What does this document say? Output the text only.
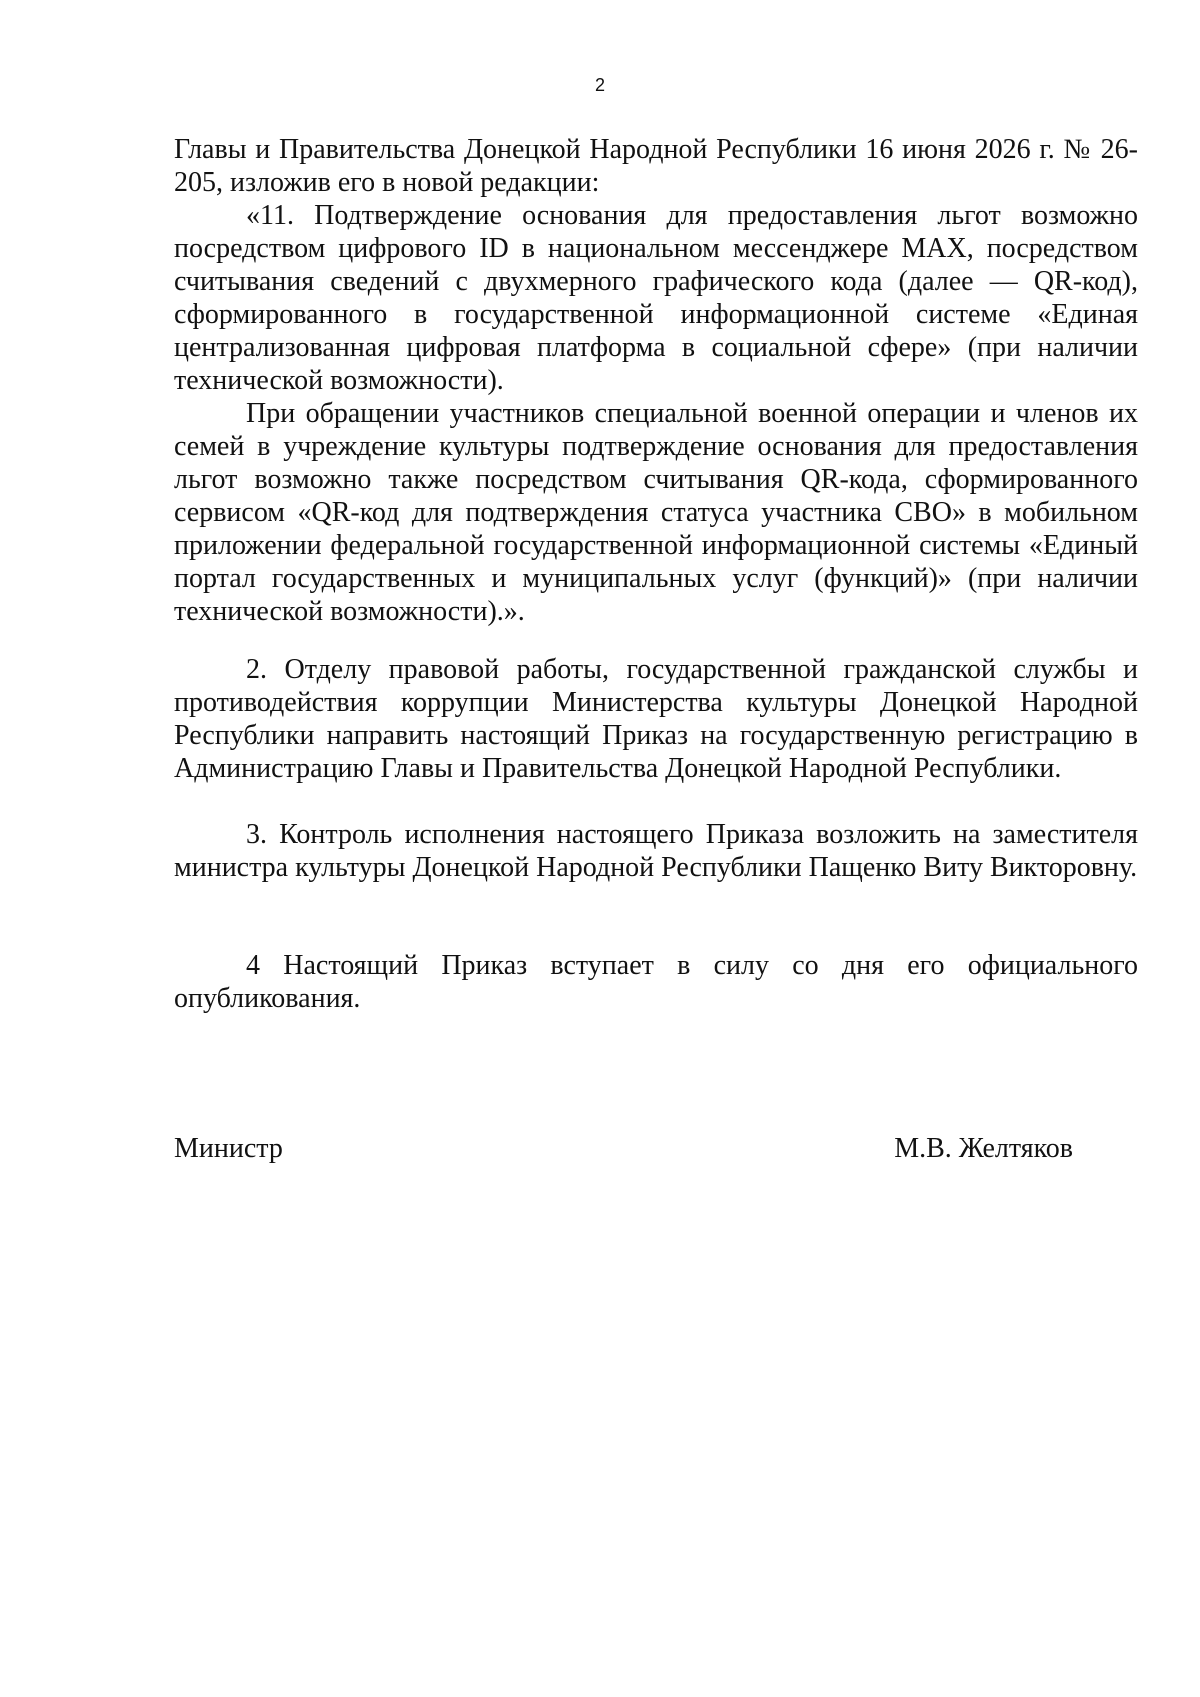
2

Главы и Правительства Донецкой Народной Республики 16 июня 2026 г. № 26-205, изложив его в новой редакции:

«11. Подтверждение основания для предоставления льгот возможно посредством цифрового ID в национальном мессенджере MAX, посредством считывания сведений с двухмерного графического кода (далее — QR-код), сформированного в государственной информационной системе «Единая централизованная цифровая платформа в социальной сфере» (при наличии технической возможности).

При обращении участников специальной военной операции и членов их семей в учреждение культуры подтверждение основания для предоставления льгот возможно также посредством считывания QR-кода, сформированного сервисом «QR-код для подтверждения статуса участника СВО» в мобильном приложении федеральной государственной информационной системы «Единый портал государственных и муниципальных услуг (функций)» (при наличии технической возможности).».

2. Отделу правовой работы, государственной гражданской службы и противодействия коррупции Министерства культуры Донецкой Народной Республики направить настоящий Приказ на государственную регистрацию в Администрацию Главы и Правительства Донецкой Народной Республики.

3. Контроль исполнения настоящего Приказа возложить на заместителя министра культуры Донецкой Народной Республики Пащенко Виту Викторовну.

4 Настоящий Приказ вступает в силу со дня его официального опубликования.

Министр	М.В. Желтяков
